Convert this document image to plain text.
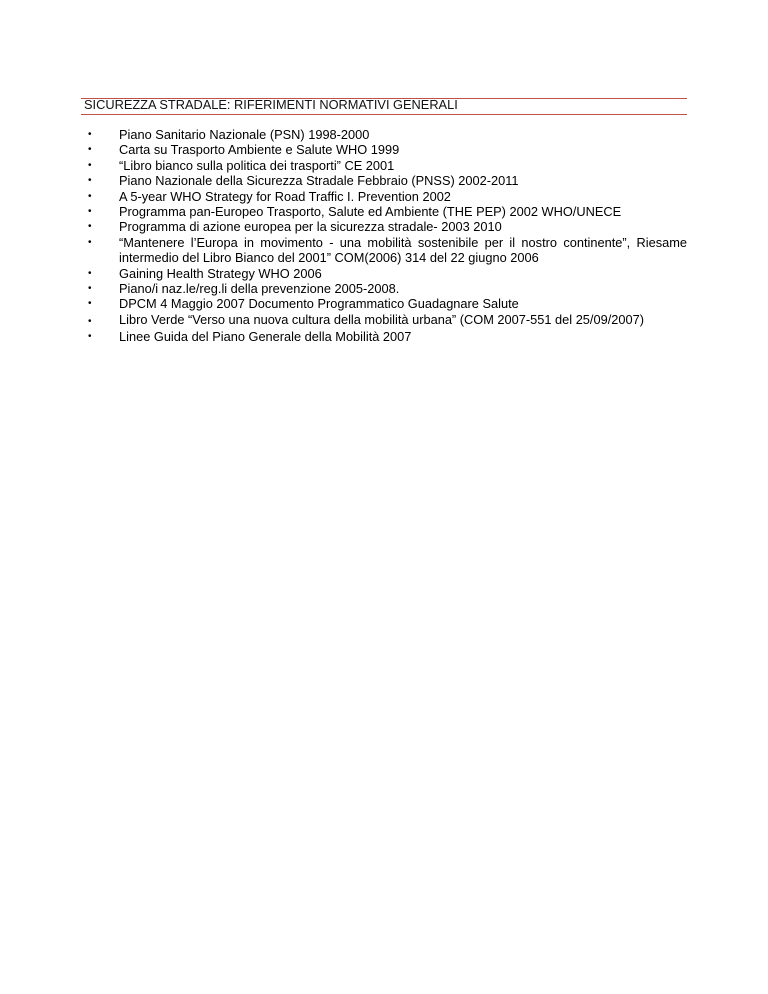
SICUREZZA STRADALE: RIFERIMENTI NORMATIVI GENERALI
• Piano Sanitario Nazionale (PSN) 1998-2000
• Carta su Trasporto Ambiente e Salute WHO 1999
• “Libro bianco sulla politica dei trasporti” CE 2001
• Piano Nazionale della Sicurezza Stradale Febbraio (PNSS) 2002-2011
• A 5-year WHO Strategy for Road Traffic I. Prevention 2002
• Programma pan-Europeo Trasporto, Salute ed Ambiente (THE PEP) 2002 WHO/UNECE
• Programma di azione europea per la sicurezza stradale- 2003 2010
• “Mantenere l’Europa in movimento - una mobilità sostenibile per il nostro continente”, Riesame intermedio del Libro Bianco del 2001” COM(2006) 314 del 22 giugno 2006
• Gaining Health Strategy WHO 2006
• Piano/i naz.le/reg.li della prevenzione 2005-2008.
• DPCM 4 Maggio 2007 Documento Programmatico Guadagnare Salute
• Libro Verde “Verso una nuova cultura della mobilità urbana” (COM 2007-551 del 25/09/2007)
• Linee Guida del Piano Generale della Mobilità 2007
